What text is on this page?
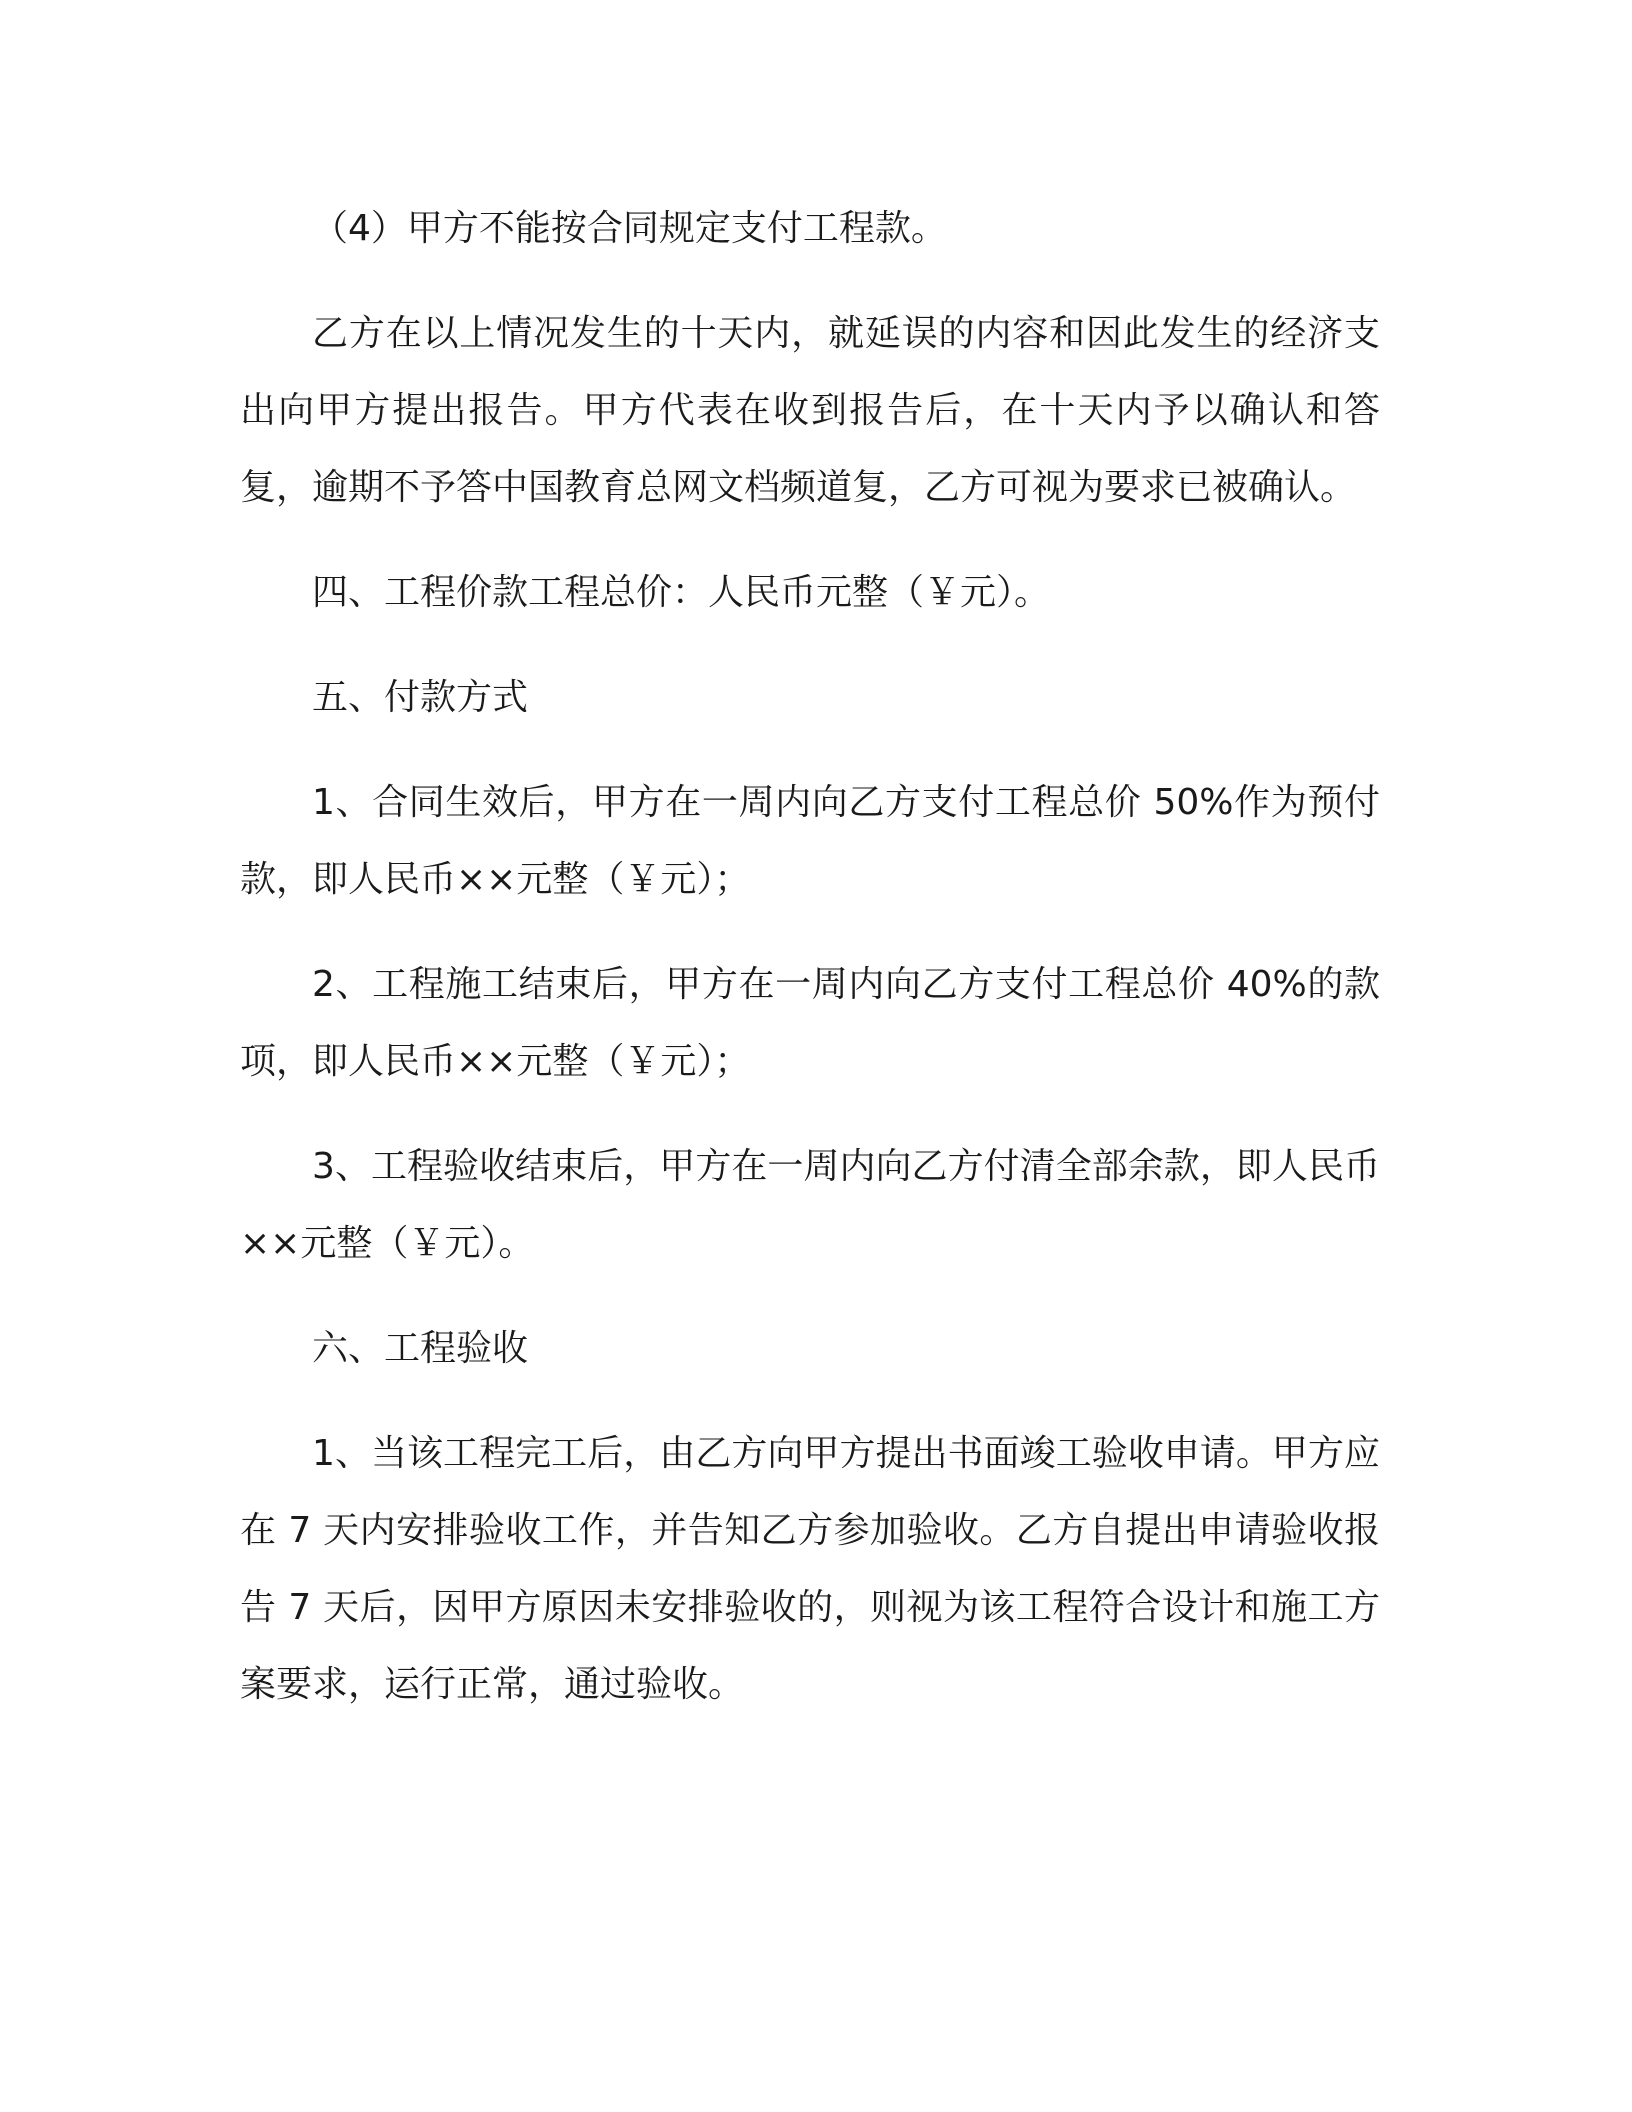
（4）甲方不能按合同规定支付工程款。

乙方在以上情况发生的十天内，就延误的内容和因此发生的经济支出向甲方提出报告。甲方代表在收到报告后，在十天内予以确认和答复，逾期不予答中国教育总网文档频道复，乙方可视为要求已被确认。

四、工程价款工程总价：人民币元整（￥元）。

五、付款方式

1、合同生效后，甲方在一周内向乙方支付工程总价 50%作为预付款，即人民币××元整（￥元）；

2、工程施工结束后，甲方在一周内向乙方支付工程总价 40%的款项，即人民币××元整（￥元）；

3、工程验收结束后，甲方在一周内向乙方付清全部余款，即人民币××元整（￥元）。

六、工程验收

1、当该工程完工后，由乙方向甲方提出书面竣工验收申请。甲方应在 7 天内安排验收工作，并告知乙方参加验收。乙方自提出申请验收报告 7 天后，因甲方原因未安排验收的，则视为该工程符合设计和施工方案要求，运行正常，通过验收。
